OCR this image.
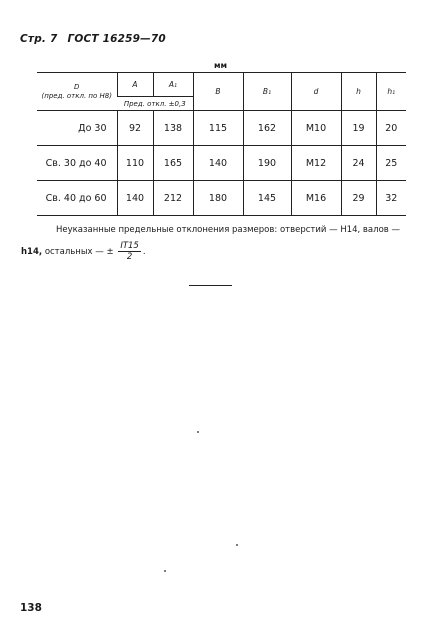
Стр. 7 ГОСТ 16259—70
мм
D
(пред. откл. по H8)	A	A₁	B	B₁	d	h	h₁
	Пред. откл. ±0,3						
До 30	92	138	115	162	M10	19	20
Св. 30 до 40	110	165	140	190	M12	24	25
Св. 40 до 60	140	212	180	145	M16	29	32
Неуказанные предельные отклонения размеров: отверстий — H14, валов —
h14, остальных — ± $\frac{IT15}{2}$ .
138
